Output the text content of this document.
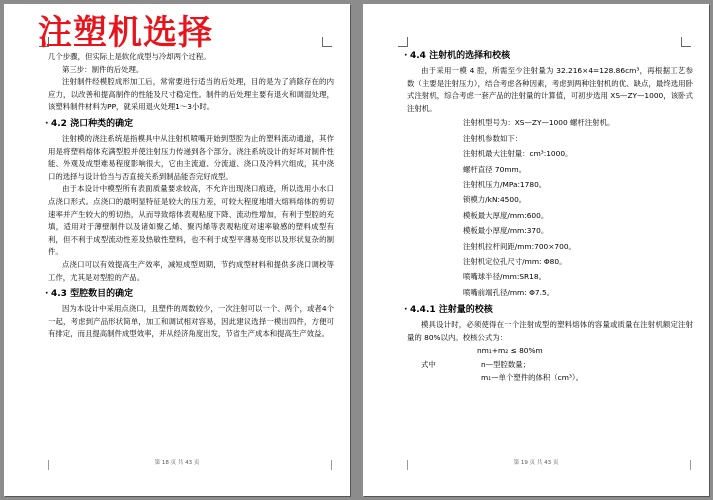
注塑机选择

几个步骤，但实际上是软化成型与冷却两个过程。

第三步：制件的后处理。

注射制件经模腔成形加工后，常常要进行适当的后处理，目的是为了消除存在的内应力，以改善和提高制件的性能及尺寸稳定性。制件的后处理主要有退火和调湿处理，该塑料制件材料为PP，就采用退火处理1～3小时。

· 4.2 浇口种类的确定

注射模的浇注系统是指模具中从注射机喷嘴开始到型腔为止的塑料流动通道，其作用是将塑料熔体充满型腔并使注射压力传递到各个部分。浇注系统设计的好坏对制件性能、外观及成型难易程度影响很大，它由主流道、分流道、浇口及冷料穴组成，其中浇口的选择与设计恰当与否直接关系到制品能否完好成型。

由于本设计中模型所有表面质量要求较高，不允许出现浇口痕迹，所以选用小水口点浇口形式。点浇口的最明显特征是较大的压力差，可较大程度地增大熔料熔体的剪切速率并产生较大的剪切热，从而导致熔体表观粘度下降、流动性增加，有利于型腔的充填，适用对于薄壁制件以及诸如聚乙烯、聚丙烯等表观粘度对速率敏感的塑料成型有利，但不利于成型流动性差及热敏性塑料，也不利于成型平薄易变形以及形状复杂的制件。

点浇口可以有效提高生产效率，减短成型周期，节约成型材料和提供多浇口调校等工作，尤其是对型腔的产品。

· 4.3 型腔数目的确定

因为本设计中采用点浇口，且塑件的周数较少，一次注射可以一个、两个，或者4个一起，考虑到产品形状简单，加工和调试相对容易，因此建议选择一模出四件，方便可有排定，而且提高制件成型效率，并从经济角度出发，节省生产成本和提高生产效益。

第 18 页 共 43 页
· 4.4 注射机的选择和校核

由于采用一模 4 腔，所需至少注射量为 32.216×4=128.86cm³，再根据工艺参数（主要是注射压力），结合考虑各种因素，考虑到两种注射机的优、缺点，最终选用卧式注射机，综合考虑一套产品的注射量的计算值，可初步选用 XS—ZY—1000，该卧式注射机。

注射机型号为：XS—ZY—1000 螺杆注射机。
注射机参数如下：
注射机最大注射量：cm³:1000。
螺杆直径 70mm。
注射机压力/MPa:1780。
锁模力/kN:4500。
模板最大厚度/mm:600。
模板最小厚度/mm:370。
注射机拉杆间距/mm:700×700。
注射机定位孔尺寸/mm: Φ80。
喷嘴球半径/mm:SR18。
喷嘴前端孔径/mm: Φ7.5。
· 4.4.1 注射量的校核

模具设计时，必须使得在一个注射成型的塑料熔体的容量或质量在注射机额定注射量的 80%以内。校核公式为：

nm₁+m₂ ≤ 80%m
式中	n—型腔数量；
m₁—单个塑件的体积（cm³）。
第 19 页 共 43 页
